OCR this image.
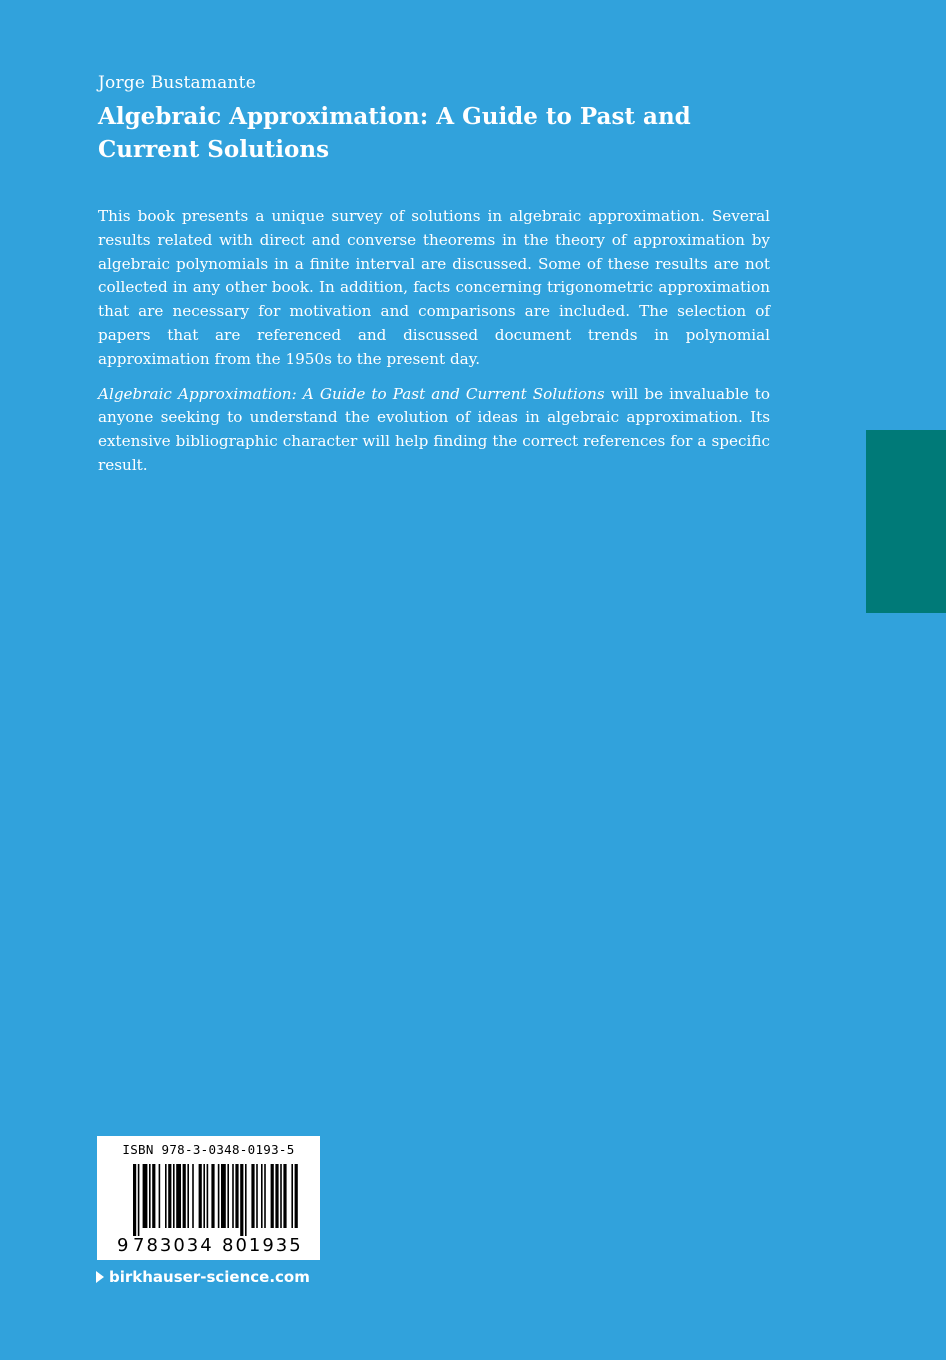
Jorge Bustamante
Algebraic Approximation: A Guide to Past and Current Solutions

This book presents a unique survey of solutions in algebraic approximation. Several results related with direct and converse theorems in the theory of approximation by algebraic polynomials in a finite interval are discussed. Some of these results are not collected in any other book. In addition, facts concerning trigonometric approximation that are necessary for motivation and comparisons are included. The selection of papers that are referenced and discussed document trends in polynomial approximation from the 1950s to the present day.

Algebraic Approximation: A Guide to Past and Current Solutions will be invaluable to anyone seeking to understand the evolution of ideas in algebraic approximation. Its extensive bibliographic character will help finding the correct references for a specific result.

ISBN 978-3-0348-0193-5
9 783034 801935
birkhauser-science.com
